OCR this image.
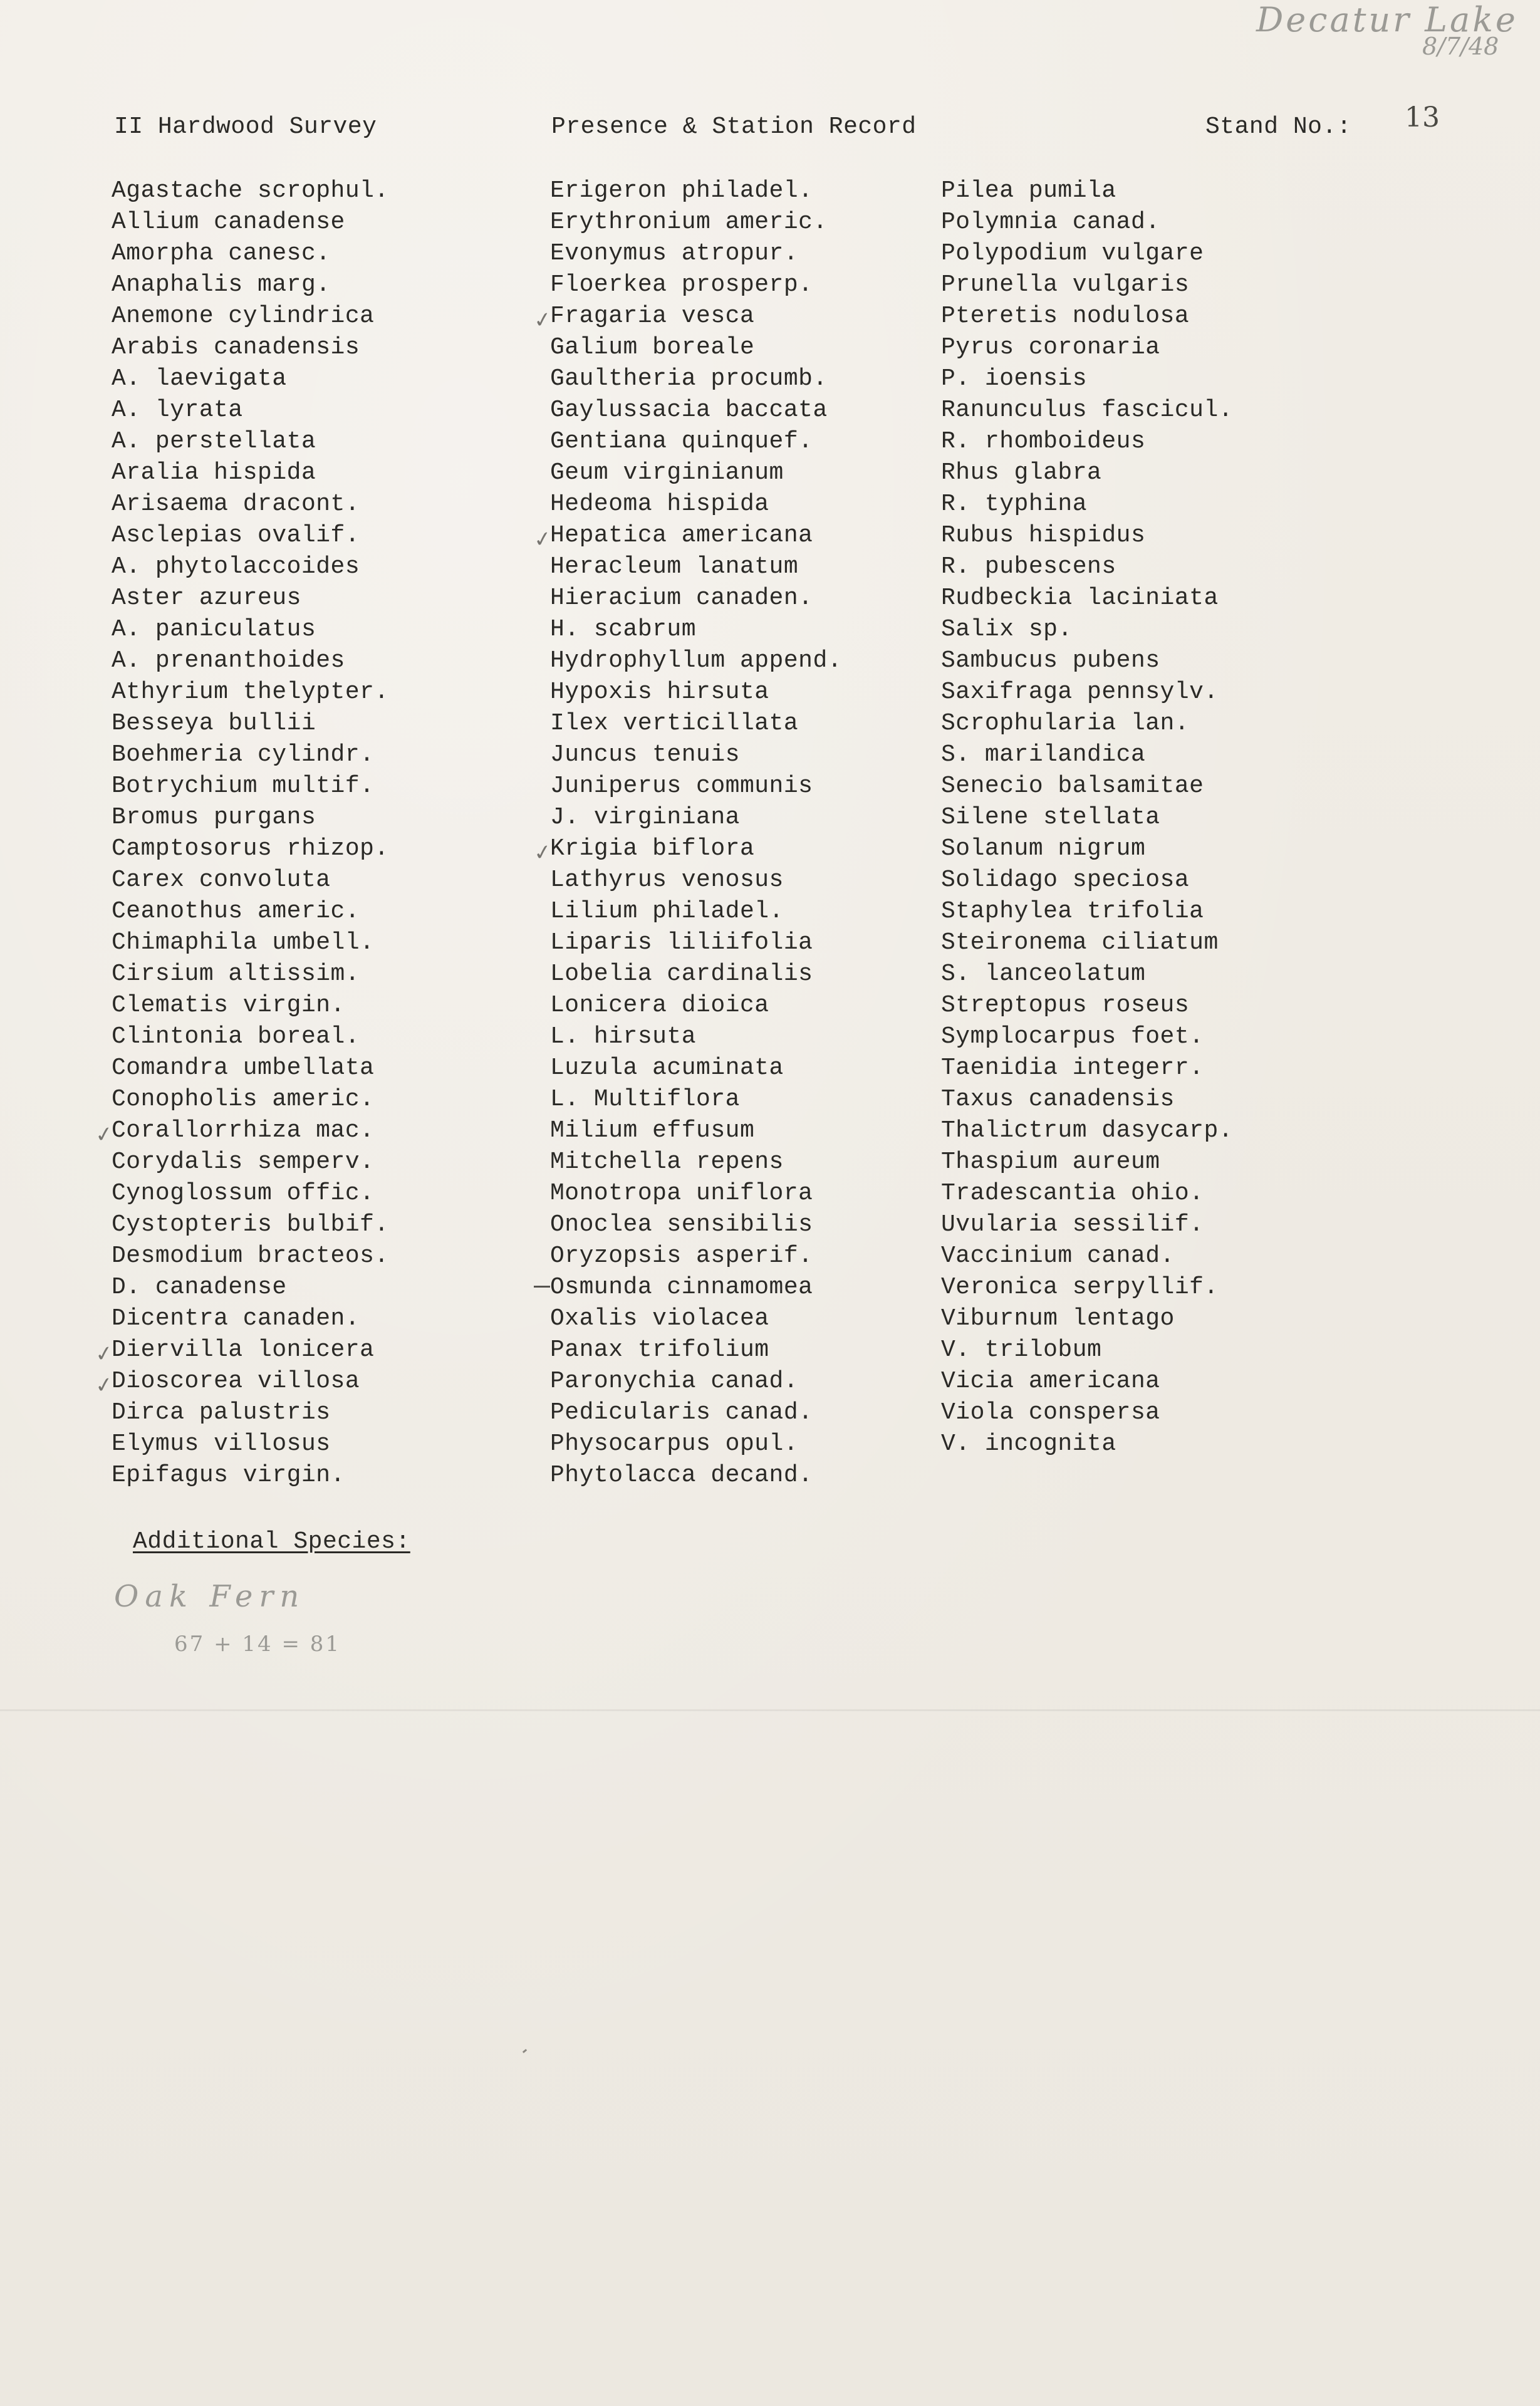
Decatur Lake
8/7/48
II Hardwood Survey	Presence & Station Record	Stand No.: 13
Agastache scrophul.
Allium canadense
Amorpha canesc.
Anaphalis marg.
Anemone cylindrica
Arabis canadensis
A. laevigata
A. lyrata
A. perstellata
Aralia hispida
Arisaema dracont.
Asclepias ovalif.
A. phytolaccoides
Aster azureus
A. paniculatus
A. prenanthoides
Athyrium thelypter.
Besseya bullii
Boehmeria cylindr.
Botrychium multif.
Bromus purgans
Camptosorus rhizop.
Carex convoluta
Ceanothus americ.
Chimaphila umbell.
Cirsium altissim.
Clematis virgin.
Clintonia boreal.
Comandra umbellata
Conopholis americ.
✓
Corallorrhiza mac.
Corydalis semperv.
Cynoglossum offic.
Cystopteris bulbif.
Desmodium bracteos.
D. canadense
Dicentra canaden.
✓
Diervilla lonicera
✓
Dioscorea villosa
Dirca palustris
Elymus villosus
Epifagus virgin.
Erigeron philadel.
Erythronium americ.
Evonymus atropur.
Floerkea prosperp.
✓
Fragaria vesca
Galium boreale
Gaultheria procumb.
Gaylussacia baccata
Gentiana quinquef.
Geum virginianum
Hedeoma hispida
✓
Hepatica americana
Heracleum lanatum
Hieracium canaden.
H. scabrum
Hydrophyllum append.
Hypoxis hirsuta
Ilex verticillata
Juncus tenuis
Juniperus communis
J. virginiana
✓
Krigia biflora
Lathyrus venosus
Lilium philadel.
Liparis liliifolia
Lobelia cardinalis
Lonicera dioica
L. hirsuta
Luzula acuminata
L. Multiflora
Milium effusum
Mitchella repens
Monotropa uniflora
Onoclea sensibilis
Oryzopsis asperif.
Osmunda cinnamomea
Oxalis violacea
Panax trifolium
Paronychia canad.
Pedicularis canad.
Physocarpus opul.
Phytolacca decand.
Pilea pumila
Polymnia canad.
Polypodium vulgare
Prunella vulgaris
Pteretis nodulosa
Pyrus coronaria
P. ioensis
Ranunculus fascicul.
R. rhomboideus
Rhus glabra
R. typhina
Rubus hispidus
R. pubescens
Rudbeckia laciniata
Salix sp.
Sambucus pubens
Saxifraga pennsylv.
Scrophularia lan.
S. marilandica
Senecio balsamitae
Silene stellata
Solanum nigrum
Solidago speciosa
Staphylea trifolia
Steironema ciliatum
S. lanceolatum
Streptopus roseus
Symplocarpus foet.
Taenidia integerr.
Taxus canadensis
Thalictrum dasycarp.
Thaspium aureum
Tradescantia ohio.
Uvularia sessilif.
Vaccinium canad.
Veronica serpyllif.
Viburnum lentago
V. trilobum
Vicia americana
Viola conspersa
V. incognita
Additional Species:
Oak Fern
67 + 14 = 81
